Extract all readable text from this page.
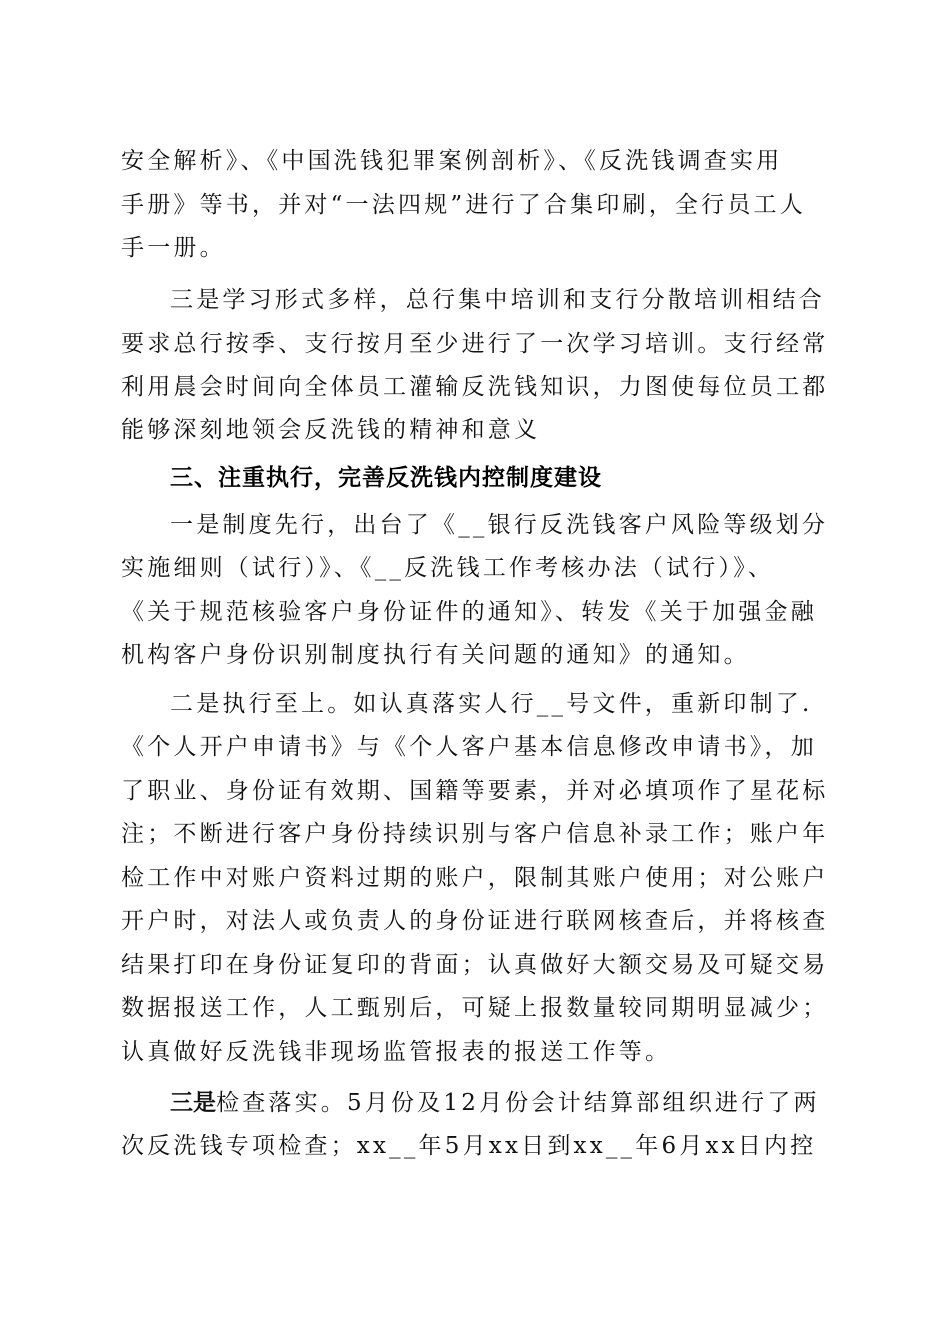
安全解析》、《中国洗钱犯罪案例剖析》、《反洗钱调查实用
手册》等书，并对“一法四规”进行了合集印刷，全行员工人
手一册。
三是学习形式多样，总行集中培训和支行分散培训相结合
要求总行按季、支行按月至少进行了一次学习培训。支行经常
利用晨会时间向全体员工灌输反洗钱知识，力图使每位员工都
能够深刻地领会反洗钱的精神和意义
三、注重执行，完善反洗钱内控制度建设
一是制度先行，出台了《__银行反洗钱客户风险等级划分
实施细则（试行）》、《__反洗钱工作考核办法（试行）》、
《关于规范核验客户身份证件的通知》、转发《关于加强金融
机构客户身份识别制度执行有关问题的通知》的通知。
二是执行至上。如认真落实人行__号文件，重新印制了.
《个人开户申请书》与《个人客户基本信息修改申请书》，加
了职业、身份证有效期、国籍等要素，并对必填项作了星花标
注；不断进行客户身份持续识别与客户信息补录工作；账户年
检工作中对账户资料过期的账户，限制其账户使用；对公账户
开户时，对法人或负责人的身份证进行联网核查后，并将核查
结果打印在身份证复印的背面；认真做好大额交易及可疑交易
数据报送工作，人工甄别后，可疑上报数量较同期明显减少；
认真做好反洗钱非现场监管报表的报送工作等。
三是检查落实。5月份及12月份会计结算部组织进行了两
次反洗钱专项检查；xx__年5月xx日到xx__年6月xx日内控
